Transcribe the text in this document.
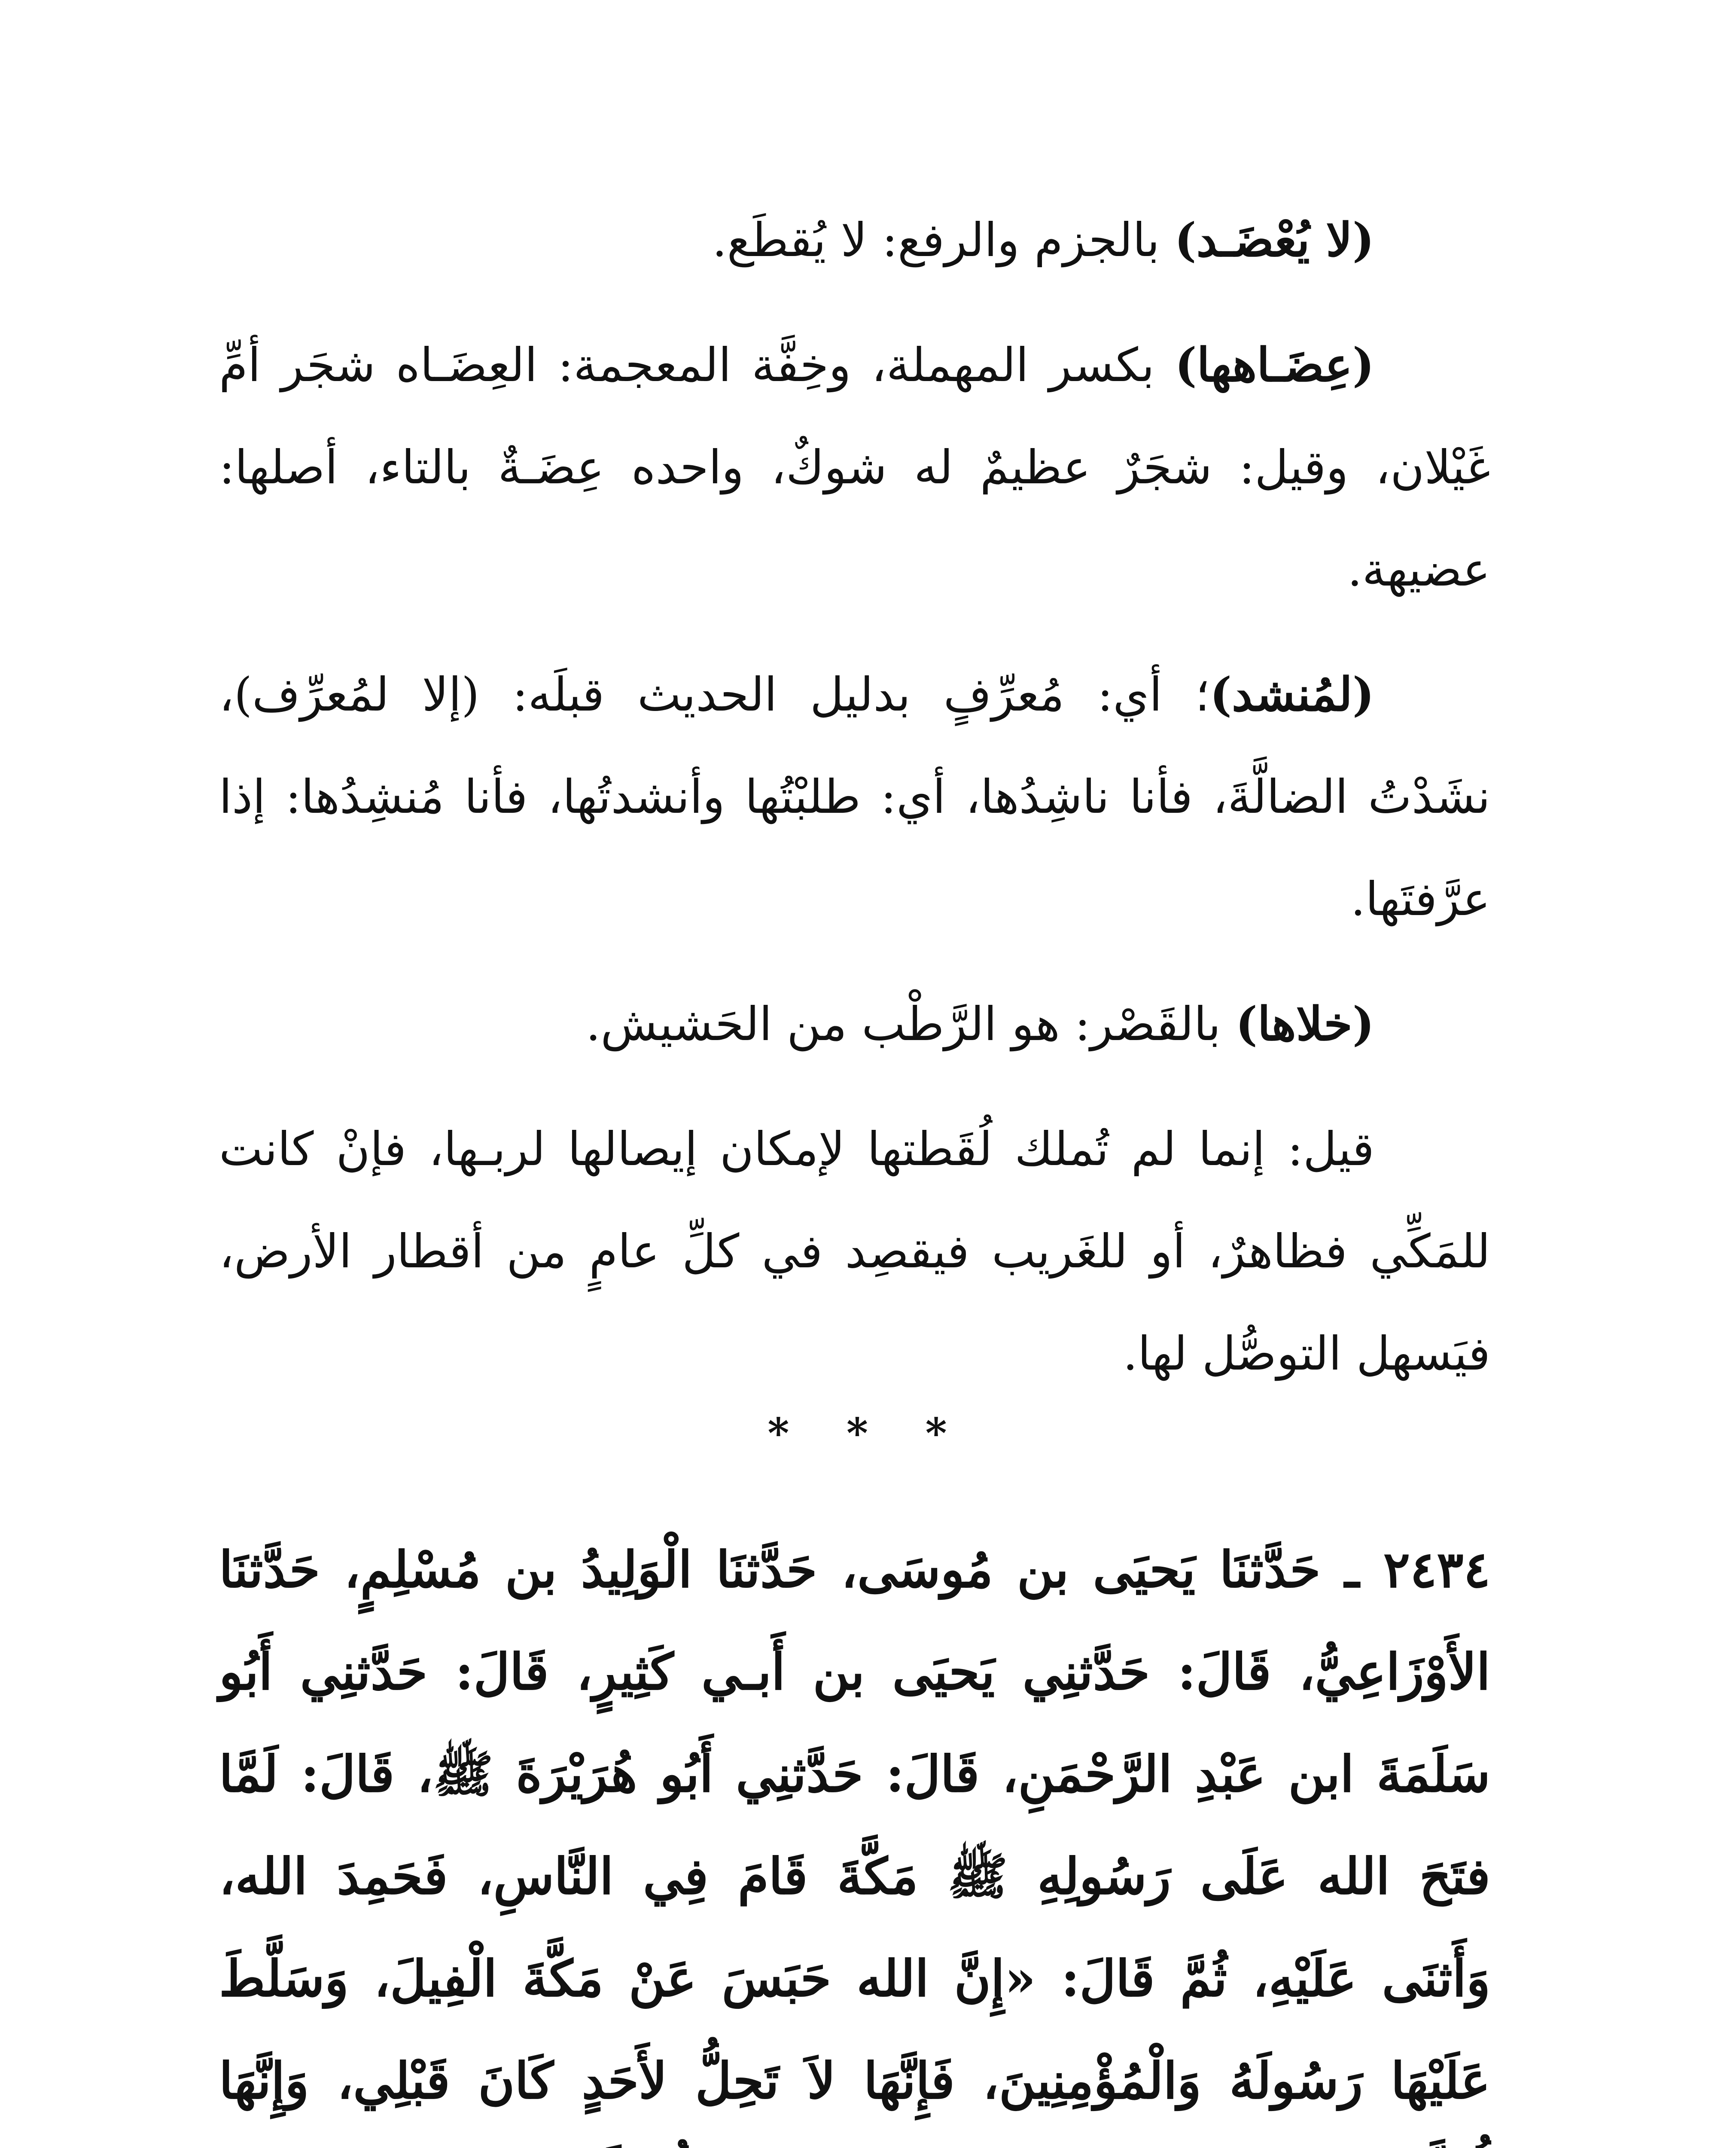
(لا يُعْضَـد) بالجزم والرفع: لا يُقطَع.

(عِضَـاهها) بكسر المهملة، وخِفَّة المعجمة: العِضَـاه شجَر أمِّ غَيْلان، وقيل: شجَرٌ عظيمٌ له شوكٌ، واحده عِضَـةٌ بالتاء، أصلها: عضيهة.

(لمُنشد)؛ أي: مُعرِّفٍ بدليل الحديث قبلَه: (إلا لمُعرِّف)، نشَدْتُ الضالَّةَ، فأنا ناشِدُها، أي: طلبْتُها وأنشدتُها، فأنا مُنشِدُها: إذا عرَّفتَها.

(خلاها) بالقَصْر: هو الرَّطْب من الحَشيش.

قيل: إنما لم تُملك لُقَطتها لإمكان إيصالها لربـها، فإنْ كانت للمَكِّي فظاهرٌ، أو للغَريب فيقصِد في كلِّ عامٍ من أقطار الأرض، فيَسهل التوصُّل لها.

* * *
٢٤٣٤ ـ حَدَّثنَا يَحيَى بن مُوسَى، حَدَّثنَا الْوَلِيدُ بن مُسْلِمٍ، حَدَّثنَا الأَوْزَاعِيُّ، قَالَ: حَدَّثنِي يَحيَى بن أَبـي كَثِيرٍ، قَالَ: حَدَّثنِي أَبُو سَلَمَةَ ابن عَبْدِ الرَّحْمَنِ، قَالَ: حَدَّثنِي أَبُو هُرَيْرَةَ ﷺ، قَالَ: لَمَّا فتَحَ الله عَلَى رَسُولِهِ ﷺ مَكَّةَ قَامَ فِي النَّاسِ، فَحَمِدَ الله، وَأَثنَى عَلَيْهِ، ثُمَّ قَالَ: «إِنَّ الله حَبَسَ عَنْ مَكَّةَ الْفِيلَ، وَسَلَّطَ عَلَيْهَا رَسُولَهُ وَالْمُؤْمِنِينَ، فَإِنَّهَا لاَ تَحِلُّ لأَحَدٍ كَانَ قَبْلِي، وَإِنَّهَا
